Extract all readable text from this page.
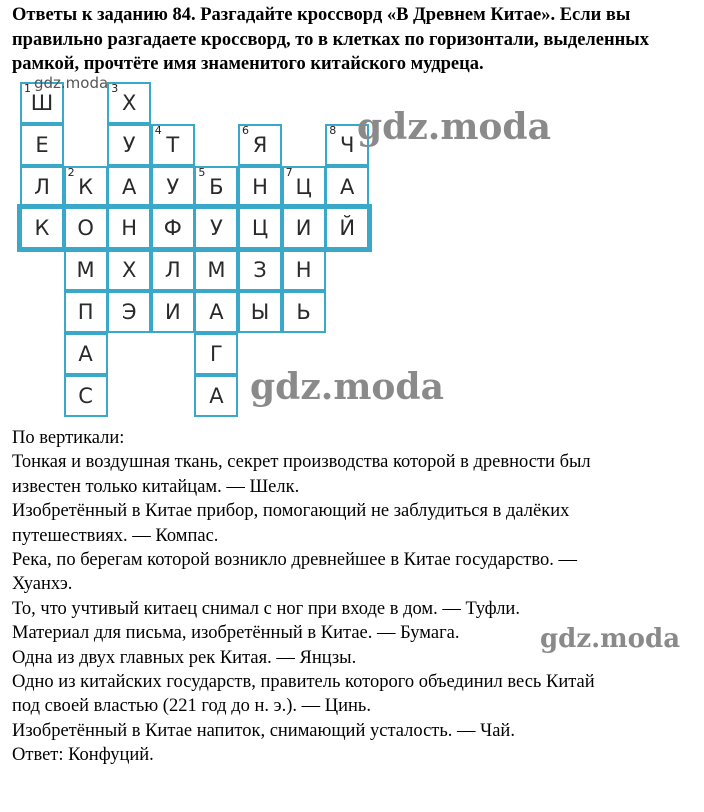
Ответы к заданию 84. Разгадайте кроссворд «В Древнем Китае». Если вы правильно разгадаете кроссворд, то в клетках по горизонтали, выделенных рамкой, прочтёте имя знаменитого китайского мудреца.
Ш
1
Е
Л
К
К
2
О
М
П
А
С
Х
3
У
А
Н
Х
Э
Т
4
У
Ф
Л
И
Б
5
У
М
А
Г
А
Я
6
Н
Ц
З
Ы
Ц
7
И
Н
Ь
Ч
8
А
Й
gdz.moda
gdz.moda
gdz.moda
gdz.moda

По вертикали:

Тонкая и воздушная ткань, секрет производства которой в древности был

известен только китайцам. — Шелк.

Изобретённый в Китае прибор, помогающий не заблудиться в далёких

путешествиях. — Компас.

Река, по берегам которой возникло древнейшее в Китае государство. —

Хуанхэ.

То, что учтивый китаец снимал с ног при входе в дом. — Туфли.

Материал для письма, изобретённый в Китае. — Бумага.

Одна из двух главных рек Китая. — Янцзы.

Одно из китайских государств, правитель которого объединил весь Китай

под своей властью (221 год до н. э.). — Цинь.

Изобретённый в Китае напиток, снимающий усталость. — Чай.

Ответ: Конфуций.
